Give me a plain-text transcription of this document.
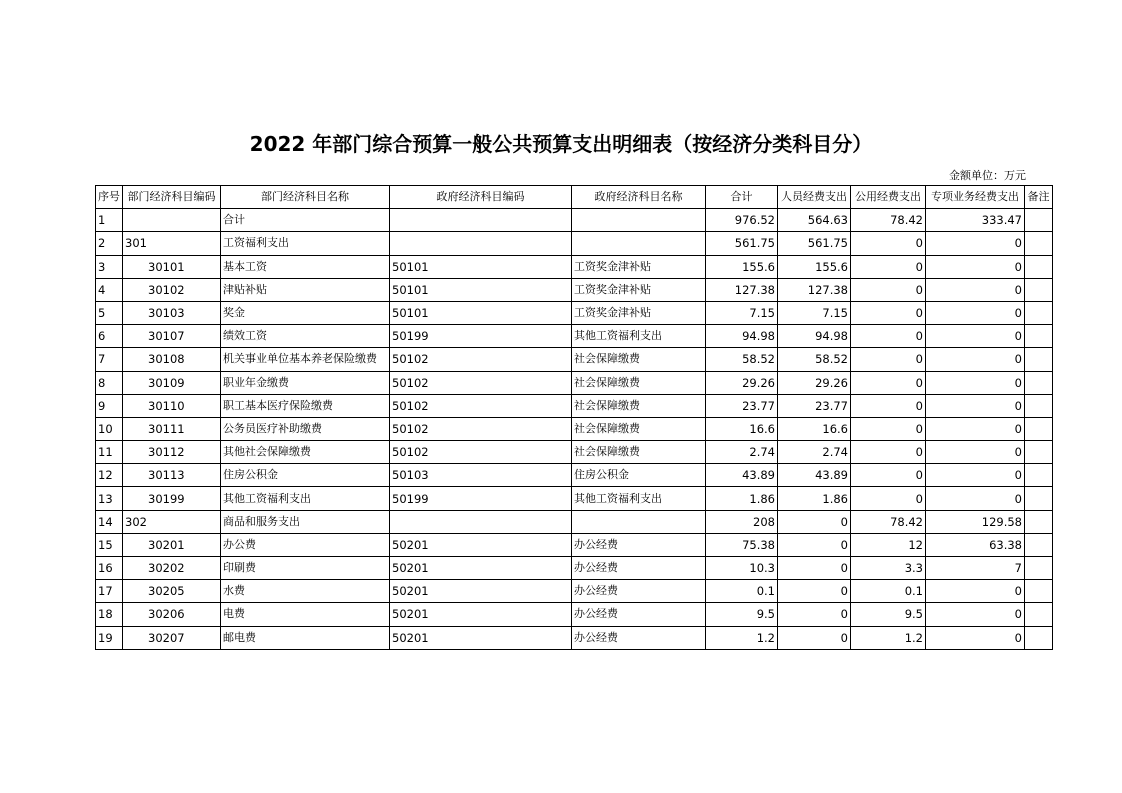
2022 年部门综合预算一般公共预算支出明细表（按经济分类科目分）
金额单位：万元
序号	部门经济科目编码	部门经济科目名称	政府经济科目编码	政府经济科目名称	合计	人员经费支出	公用经费支出	专项业务经费支出	备注
1		合计			976.52	564.63	78.42	333.47	
2	301	工资福利支出			561.75	561.75	0	0	
3	30101	基本工资	50101	工资奖金津补贴	155.6	155.6	0	0	
4	30102	津贴补贴	50101	工资奖金津补贴	127.38	127.38	0	0	
5	30103	奖金	50101	工资奖金津补贴	7.15	7.15	0	0	
6	30107	绩效工资	50199	其他工资福利支出	94.98	94.98	0	0	
7	30108	机关事业单位基本养老保险缴费	50102	社会保障缴费	58.52	58.52	0	0	
8	30109	职业年金缴费	50102	社会保障缴费	29.26	29.26	0	0	
9	30110	职工基本医疗保险缴费	50102	社会保障缴费	23.77	23.77	0	0	
10	30111	公务员医疗补助缴费	50102	社会保障缴费	16.6	16.6	0	0	
11	30112	其他社会保障缴费	50102	社会保障缴费	2.74	2.74	0	0	
12	30113	住房公积金	50103	住房公积金	43.89	43.89	0	0	
13	30199	其他工资福利支出	50199	其他工资福利支出	1.86	1.86	0	0	
14	302	商品和服务支出			208	0	78.42	129.58	
15	30201	办公费	50201	办公经费	75.38	0	12	63.38	
16	30202	印刷费	50201	办公经费	10.3	0	3.3	7	
17	30205	水费	50201	办公经费	0.1	0	0.1	0	
18	30206	电费	50201	办公经费	9.5	0	9.5	0	
19	30207	邮电费	50201	办公经费	1.2	0	1.2	0	
